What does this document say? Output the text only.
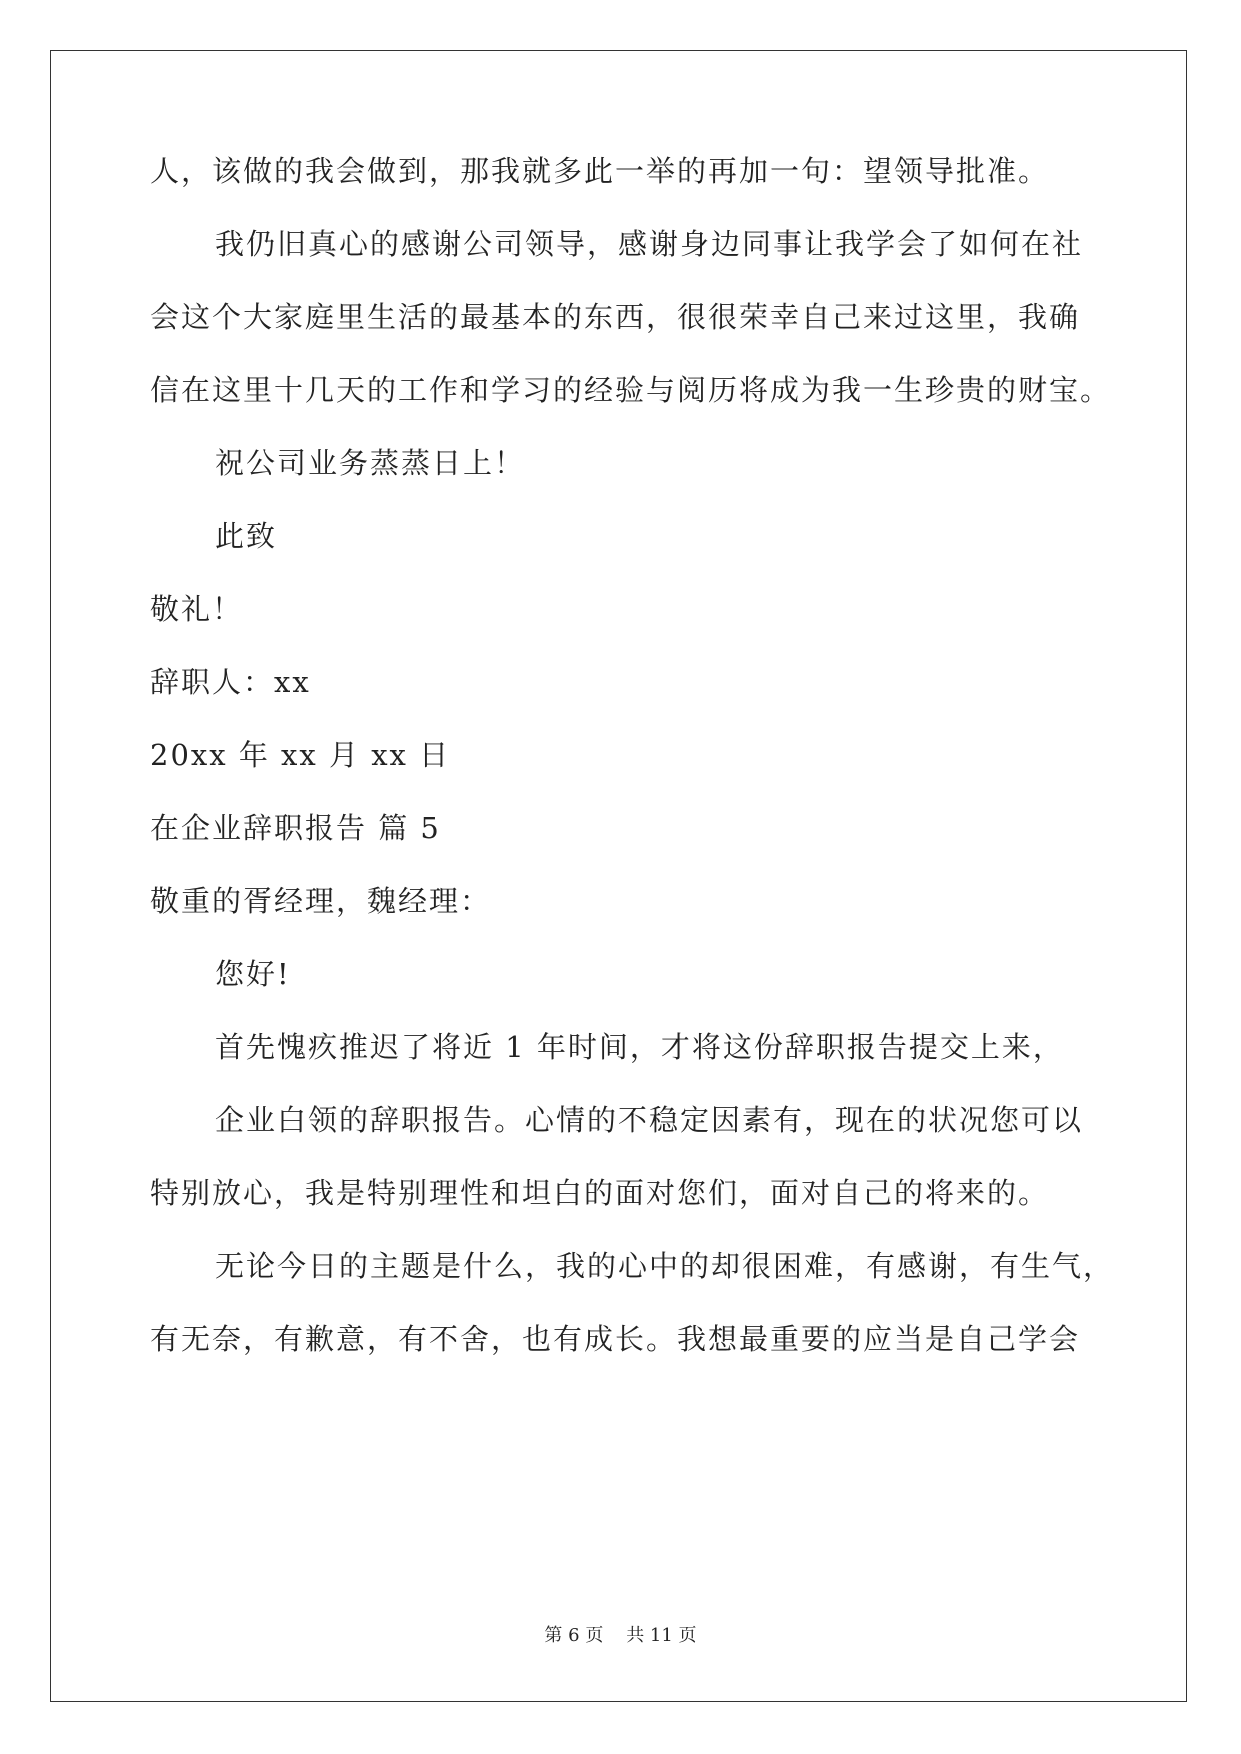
人，该做的我会做到，那我就多此一举的再加一句：望领导批准。
我仍旧真心的感谢公司领导，感谢身边同事让我学会了如何在社
会这个大家庭里生活的最基本的东西，很很荣幸自己来过这里，我确
信在这里十几天的工作和学习的经验与阅历将成为我一生珍贵的财宝。
祝公司业务蒸蒸日上！
此致
敬礼！
辞职人：xx
20xx 年 xx 月 xx 日
在企业辞职报告 篇 5
敬重的胥经理，魏经理：
您好!
首先愧疚推迟了将近 1 年时间，才将这份辞职报告提交上来，
企业白领的辞职报告。心情的不稳定因素有，现在的状况您可以
特别放心，我是特别理性和坦白的面对您们，面对自己的将来的。
无论今日的主题是什么，我的心中的却很困难，有感谢，有生气，
有无奈，有歉意，有不舍，也有成长。我想最重要的应当是自己学会
第 6 页    共 11 页
